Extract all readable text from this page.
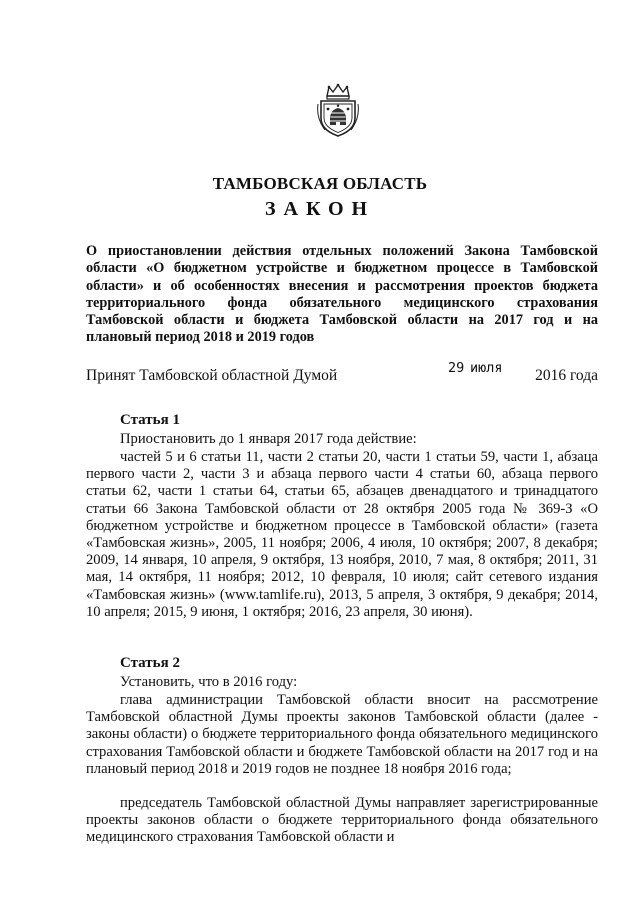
ТАМБОВСКАЯ ОБЛАСТЬ
ЗАКОН
О приостановлении действия отдельных положений Закона Тамбовской области «О бюджетном устройстве и бюджетном процессе в Тамбовской области» и об особенностях внесения и рассмотрения проектов бюджета территориального фонда обязательного медицинского страхования Тамбовской области и бюджета Тамбовской области на 2017 год и на плановый период 2018 и 2019 годов
Принят Тамбовской областной Думой	29 июля 2016 года
Статья 1

Приостановить до 1 января 2017 года действие:

частей 5 и 6 статьи 11, части 2 статьи 20, части 1 статьи 59, части 1, абзаца первого части 2, части 3 и абзаца первого части 4 статьи 60, абзаца первого статьи 62, части 1 статьи 64, статьи 65, абзацев двенадцатого и тринадцатого статьи 66 Закона Тамбовской области от 28 октября 2005 года № 369-З «О бюджетном устройстве и бюджетном процессе в Тамбовской области» (газета «Тамбовская жизнь», 2005, 11 ноября; 2006, 4 июля, 10 октября; 2007, 8 декабря; 2009, 14 января, 10 апреля, 9 октября, 13 ноября, 2010, 7 мая, 8 октября; 2011, 31 мая, 14 октября, 11 ноября; 2012, 10 февраля, 10 июля; сайт сетевого издания «Тамбовская жизнь» (www.tamlife.ru), 2013, 5 апреля, 3 октября, 9 декабря; 2014, 10 апреля; 2015, 9 июня, 1 октября; 2016, 23 апреля, 30 июня).

Статья 2

Установить, что в 2016 году:

глава администрации Тамбовской области вносит на рассмотрение Тамбовской областной Думы проекты законов Тамбовской области (далее - законы области) о бюджете территориального фонда обязательного медицинского страхования Тамбовской области и бюджете Тамбовской области на 2017 год и на плановый период 2018 и 2019 годов не позднее 18 ноября 2016 года;

председатель Тамбовской областной Думы направляет зарегистрированные проекты законов области о бюджете территориального фонда обязательного медицинского страхования Тамбовской области и
